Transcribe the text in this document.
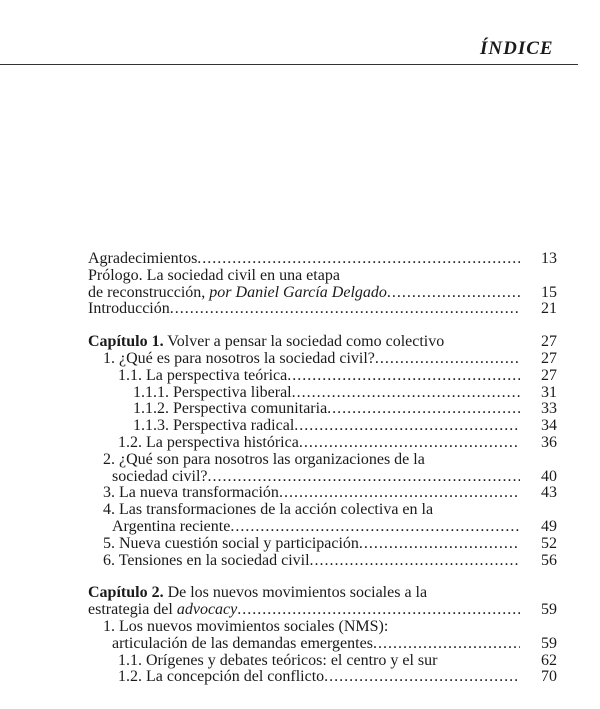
ÍNDICE
Agradecimientos .....	13
Prólogo. La sociedad civil en una etapa
de reconstrucción, por Daniel García Delgado .....	15
Introducción .....	21
Capítulo 1. Volver a pensar la sociedad como colectivo	27
1. ¿Qué es para nosotros la sociedad civil? .....	27
1.1. La perspectiva teórica .....	27
1.1.1. Perspectiva liberal .....	31
1.1.2. Perspectiva comunitaria .....	33
1.1.3. Perspectiva radical .....	34
1.2. La perspectiva histórica .....	36
2. ¿Qué son para nosotros las organizaciones de la
sociedad civil? .....	40
3. La nueva transformación .....	43
4. Las transformaciones de la acción colectiva en la
Argentina reciente .....	49
5. Nueva cuestión social y participación .....	52
6. Tensiones en la sociedad civil .....	56
Capítulo 2. De los nuevos movimientos sociales a la
estrategia del advocacy .....	59
1. Los nuevos movimientos sociales (NMS):
articulación de las demandas emergentes .....	59
1.1. Orígenes y debates teóricos: el centro y el sur	62
1.2. La concepción del conflicto .....	70
